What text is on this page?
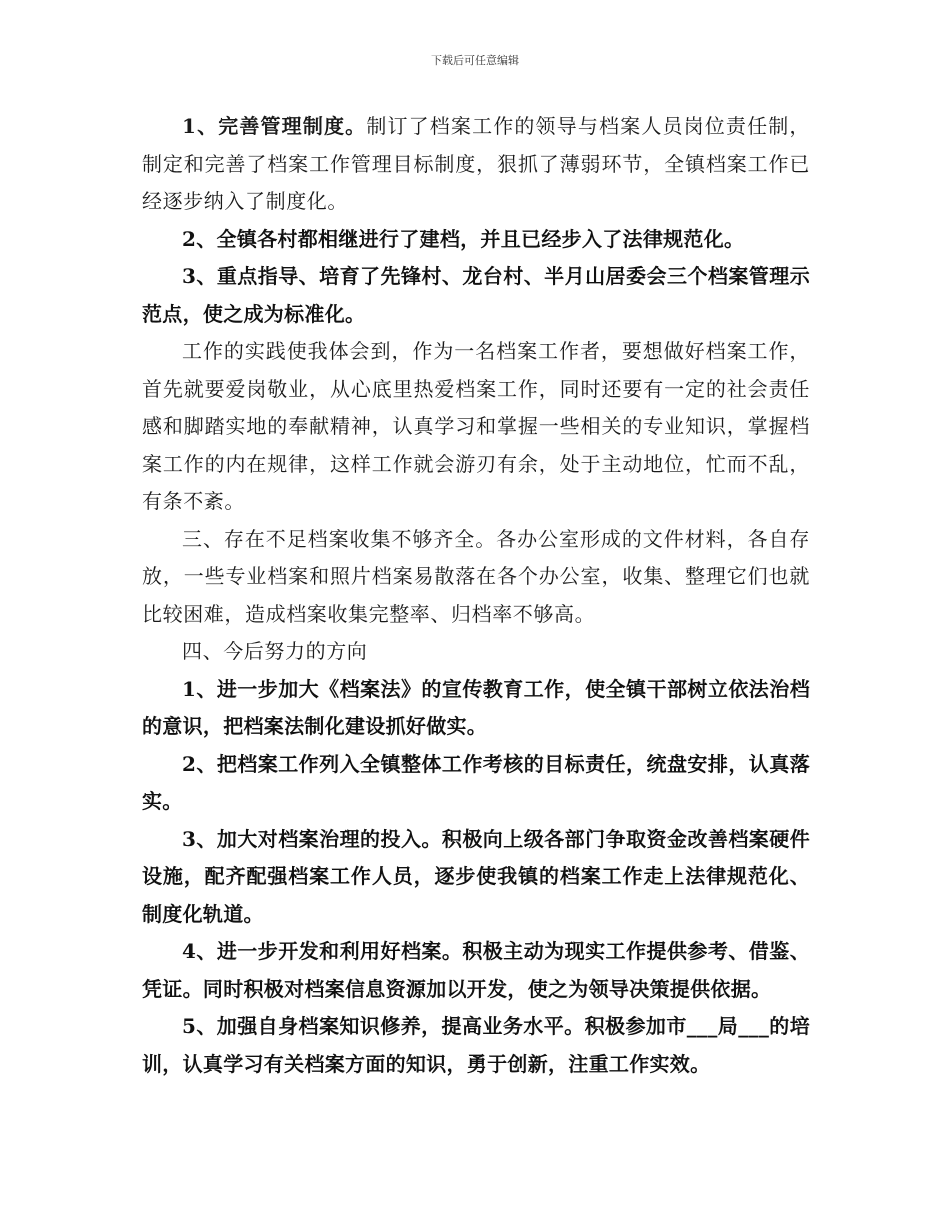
下载后可任意编辑

1、完善管理制度。制订了档案工作的领导与档案人员岗位责任制，制定和完善了档案工作管理目标制度，狠抓了薄弱环节，全镇档案工作已经逐步纳入了制度化。

2、全镇各村都相继进行了建档，并且已经步入了法律规范化。

3、重点指导、培育了先锋村、龙台村、半月山居委会三个档案管理示范点，使之成为标准化。

工作的实践使我体会到，作为一名档案工作者，要想做好档案工作，首先就要爱岗敬业，从心底里热爱档案工作，同时还要有一定的社会责任感和脚踏实地的奉献精神，认真学习和掌握一些相关的专业知识，掌握档案工作的内在规律，这样工作就会游刃有余，处于主动地位，忙而不乱，有条不紊。

三、存在不足档案收集不够齐全。各办公室形成的文件材料，各自存放，一些专业档案和照片档案易散落在各个办公室，收集、整理它们也就比较困难，造成档案收集完整率、归档率不够高。

四、今后努力的方向

1、进一步加大《档案法》的宣传教育工作，使全镇干部树立依法治档的意识，把档案法制化建设抓好做实。

2、把档案工作列入全镇整体工作考核的目标责任，统盘安排，认真落实。

3、加大对档案治理的投入。积极向上级各部门争取资金改善档案硬件设施，配齐配强档案工作人员，逐步使我镇的档案工作走上法律规范化、制度化轨道。

4、进一步开发和利用好档案。积极主动为现实工作提供参考、借鉴、凭证。同时积极对档案信息资源加以开发，使之为领导决策提供依据。

5、加强自身档案知识修养，提高业务水平。积极参加市___局___的培训，认真学习有关档案方面的知识，勇于创新，注重工作实效。
